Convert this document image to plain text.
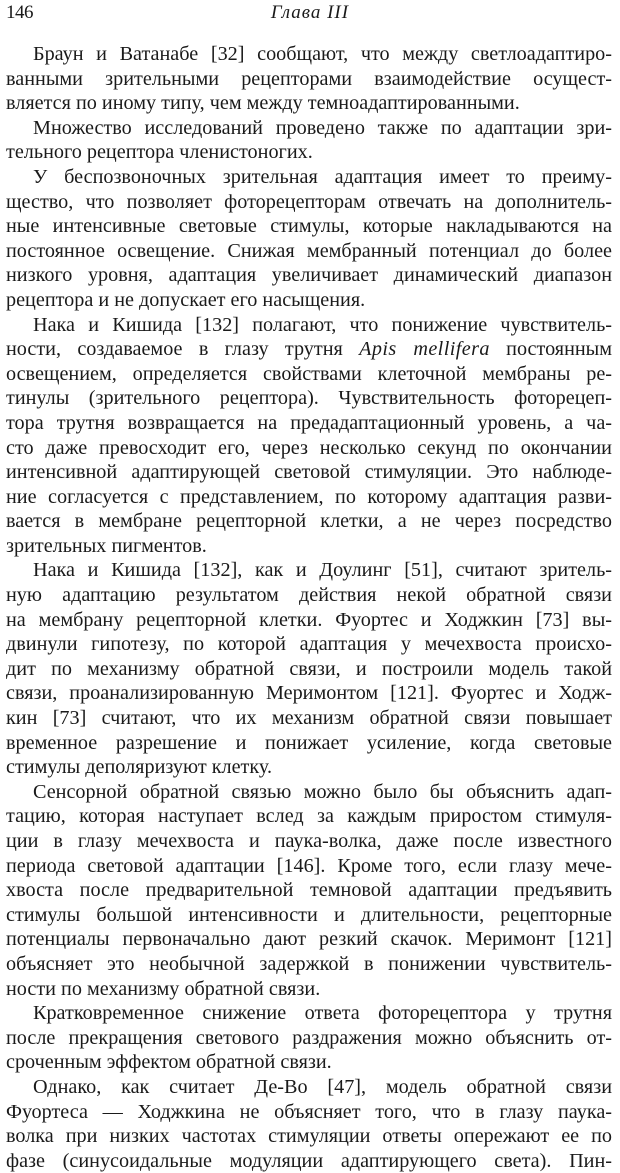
146	Глава III
Браун и Ватанабе [32] сообщают, что между светлоадаптиро-
ванными зрительными рецепторами взаимодействие осущест-
вляется по иному типу, чем между темноадаптированными.
Множество исследований проведено также по адаптации зри-
тельного рецептора членистоногих.
У беспозвоночных зрительная адаптация имеет то преиму-
щество, что позволяет фоторецепторам отвечать на дополнитель-
ные интенсивные световые стимулы, которые накладываются на
постоянное освещение. Снижая мембранный потенциал до более
низкого уровня, адаптация увеличивает динамический диапазон
рецептора и не допускает его насыщения.
Нака и Кишида [132] полагают, что понижение чувствитель-
ности, создаваемое в глазу трутня Apis mellifera постоянным
освещением, определяется свойствами клеточной мембраны ре-
тинулы (зрительного рецептора). Чувствительность фоторецеп-
тора трутня возвращается на предадаптационный уровень, а ча-
сто даже превосходит его, через несколько секунд по окончании
интенсивной адаптирующей световой стимуляции. Это наблюде-
ние согласуется с представлением, по которому адаптация разви-
вается в мембране рецепторной клетки, а не через посредство
зрительных пигментов.
Нака и Кишида [132], как и Доулинг [51], считают зритель-
ную адаптацию результатом действия некой обратной связи
на мембрану рецепторной клетки. Фуортес и Ходжкин [73] вы-
двинули гипотезу, по которой адаптация у мечехвоста происхо-
дит по механизму обратной связи, и построили модель такой
связи, проанализированную Меримонтом [121]. Фуортес и Ходж-
кин [73] считают, что их механизм обратной связи повышает
временное разрешение и понижает усиление, когда световые
стимулы деполяризуют клетку.
Сенсорной обратной связью можно было бы объяснить адап-
тацию, которая наступает вслед за каждым приростом стимуля-
ции в глазу мечехвоста и паука-волка, даже после известного
периода световой адаптации [146]. Кроме того, если глазу мече-
хвоста после предварительной темновой адаптации предъявить
стимулы большой интенсивности и длительности, рецепторные
потенциалы первоначально дают резкий скачок. Меримонт [121]
объясняет это необычной задержкой в понижении чувствитель-
ности по механизму обратной связи.
Кратковременное снижение ответа фоторецептора у трутня
после прекращения светового раздражения можно объяснить от-
сроченным эффектом обратной связи.
Однако, как считает Де-Во [47], модель обратной связи
Фуортеса — Ходжкина не объясняет того, что в глазу паука-
волка при низких частотах стимуляции ответы опережают ее по
фазе (синусоидальные модуляции адаптирующего света). Пин-
